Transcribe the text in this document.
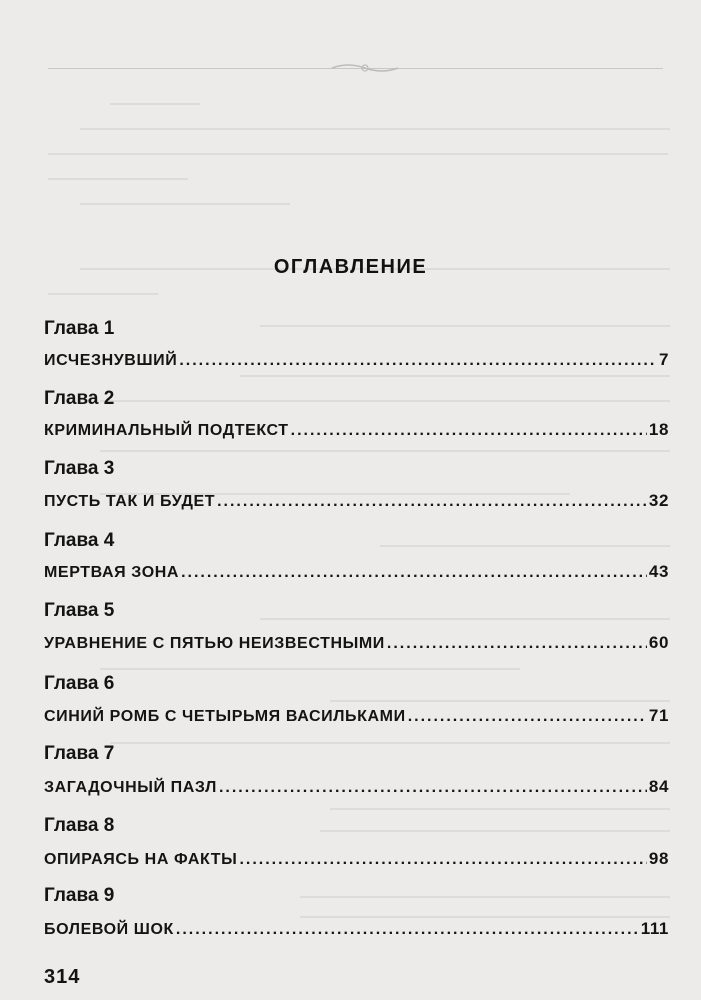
ОГЛАВЛЕНИЕ
Глава 1
ИСЧЕЗНУВШИЙ .....	7
Глава 2
КРИМИНАЛЬНЫЙ ПОДТЕКСТ .....	18
Глава 3
ПУСТЬ ТАК И БУДЕТ .....	32
Глава 4
МЕРТВАЯ ЗОНА .....	43
Глава 5
УРАВНЕНИЕ С ПЯТЬЮ НЕИЗВЕСТНЫМИ .....	60
Глава 6
СИНИЙ РОМБ С ЧЕТЫРЬМЯ ВАСИЛЬКАМИ .....	71
Глава 7
ЗАГАДОЧНЫЙ ПАЗЛ .....	84
Глава 8
ОПИРАЯСЬ НА ФАКТЫ .....	98
Глава 9
БОЛЕВОЙ ШОК .....	111
314
